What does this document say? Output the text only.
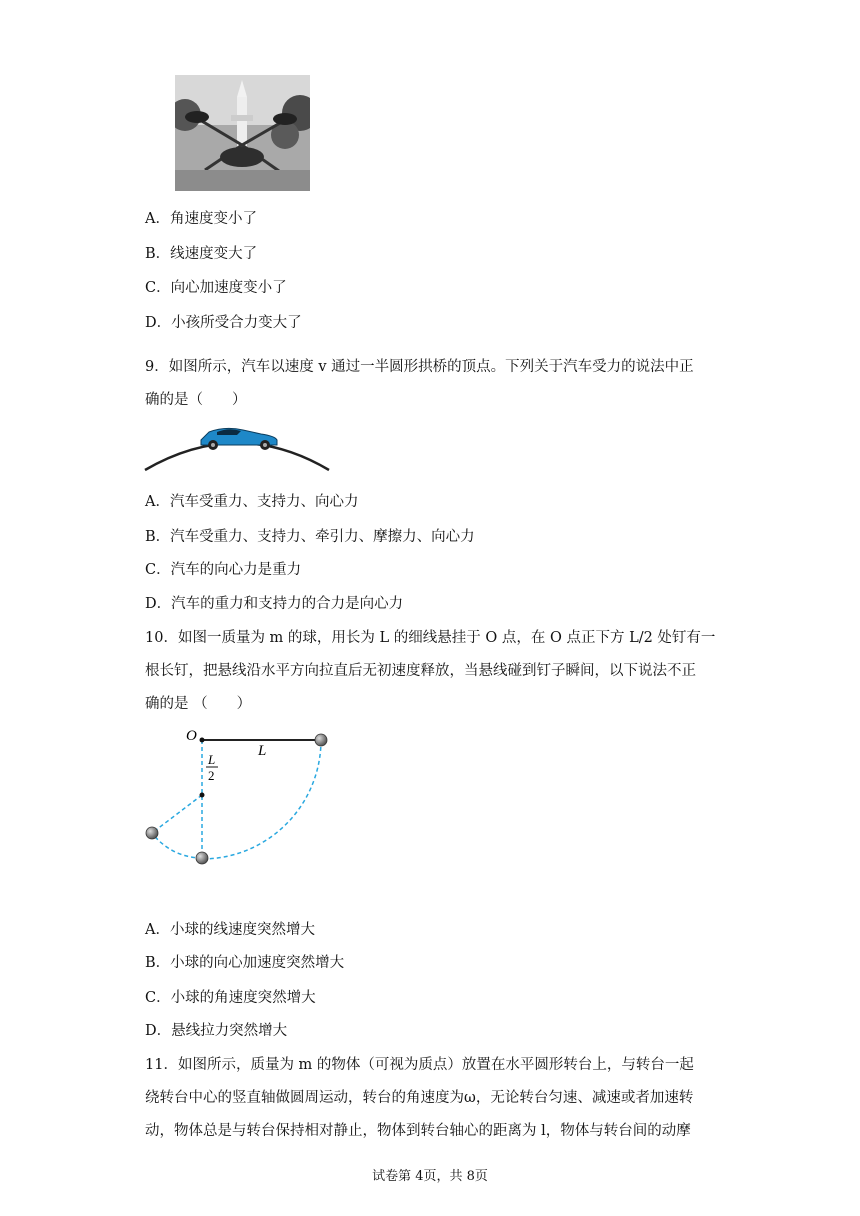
A．角速度变小了
B．线速度变大了
C．向心加速度变小了
D．小孩所受合力变大了
9．如图所示，汽车以速度 v 通过一半圆形拱桥的顶点。下列关于汽车受力的说法中正
确的是（　　）
A．汽车受重力、支持力、向心力
B．汽车受重力、支持力、牵引力、摩擦力、向心力
C．汽车的向心力是重力
D．汽车的重力和支持力的合力是向心力
10．如图一质量为 m 的球，用长为 L 的细线悬挂于 O 点，在 O 点正下方 L/2 处钉有一
根长钉，把悬线沿水平方向拉直后无初速度释放，当悬线碰到钉子瞬间，以下说法不正
确的是 （　　）
O
L
L
2
A．小球的线速度突然增大
B．小球的向心加速度突然增大
C．小球的角速度突然增大
D．悬线拉力突然增大
11．如图所示，质量为 m 的物体（可视为质点）放置在水平圆形转台上，与转台一起
绕转台中心的竖直轴做圆周运动，转台的角速度为ω，无论转台匀速、减速或者加速转
动，物体总是与转台保持相对静止，物体到转台轴心的距离为 l，物体与转台间的动摩
试卷第 4页，共 8页
